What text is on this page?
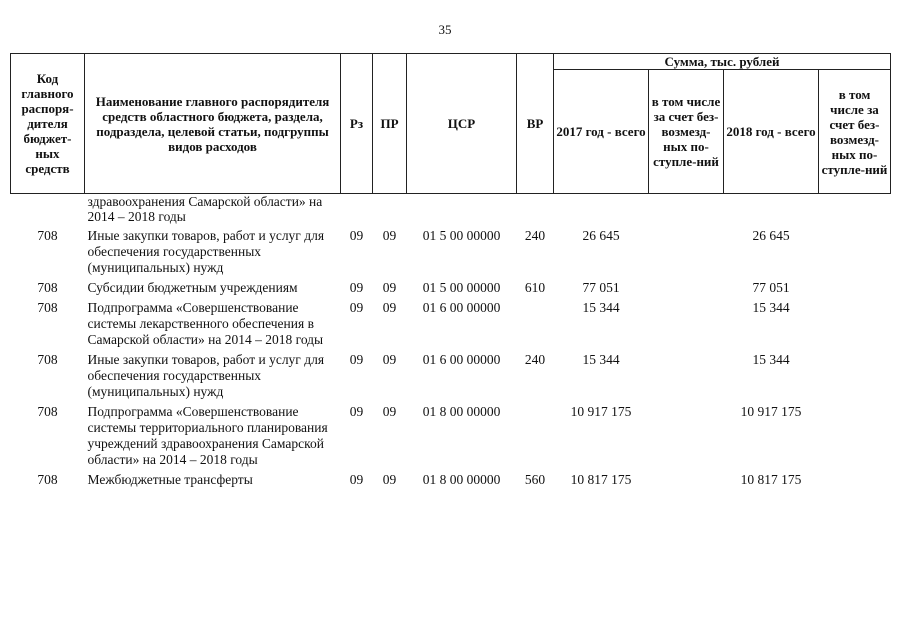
35
Код главного распоря-дителя бюджет-ных средств	Наименование главного распорядителя средств областного бюджета, раздела, подраздела, целевой статьи, подгруппы видов расходов	Рз	ПР	ЦСР	ВР	Сумма, тыс. рублей			
						2017 год - всего	в том числе за счет без-возмезд-ных по-ступле-ний	2018 год - всего	в том числе за счет без-возмезд-ных по-ступле-ний
	здравоохранения Самарской области» на 2014 – 2018 годы								
708	Иные закупки товаров, работ и услуг для обеспечения государственных (муниципальных) нужд	09	09	01 5 00 00000	240	26 645		26 645	
708	Субсидии бюджетным учреждениям	09	09	01 5 00 00000	610	77 051		77 051	
708	Подпрограмма «Совершенствование системы лекарственного обеспечения в Самарской области» на 2014 – 2018 годы	09	09	01 6 00 00000		15 344		15 344	
708	Иные закупки товаров, работ и услуг для обеспечения государственных (муниципальных) нужд	09	09	01 6 00 00000	240	15 344		15 344	
708	Подпрограмма «Совершенствование системы территориального планирования учреждений здравоохранения Самарской области» на 2014 – 2018 годы	09	09	01 8 00 00000		10 917 175		10 917 175	
708	Межбюджетные трансферты	09	09	01 8 00 00000	560	10 817 175		10 817 175	
